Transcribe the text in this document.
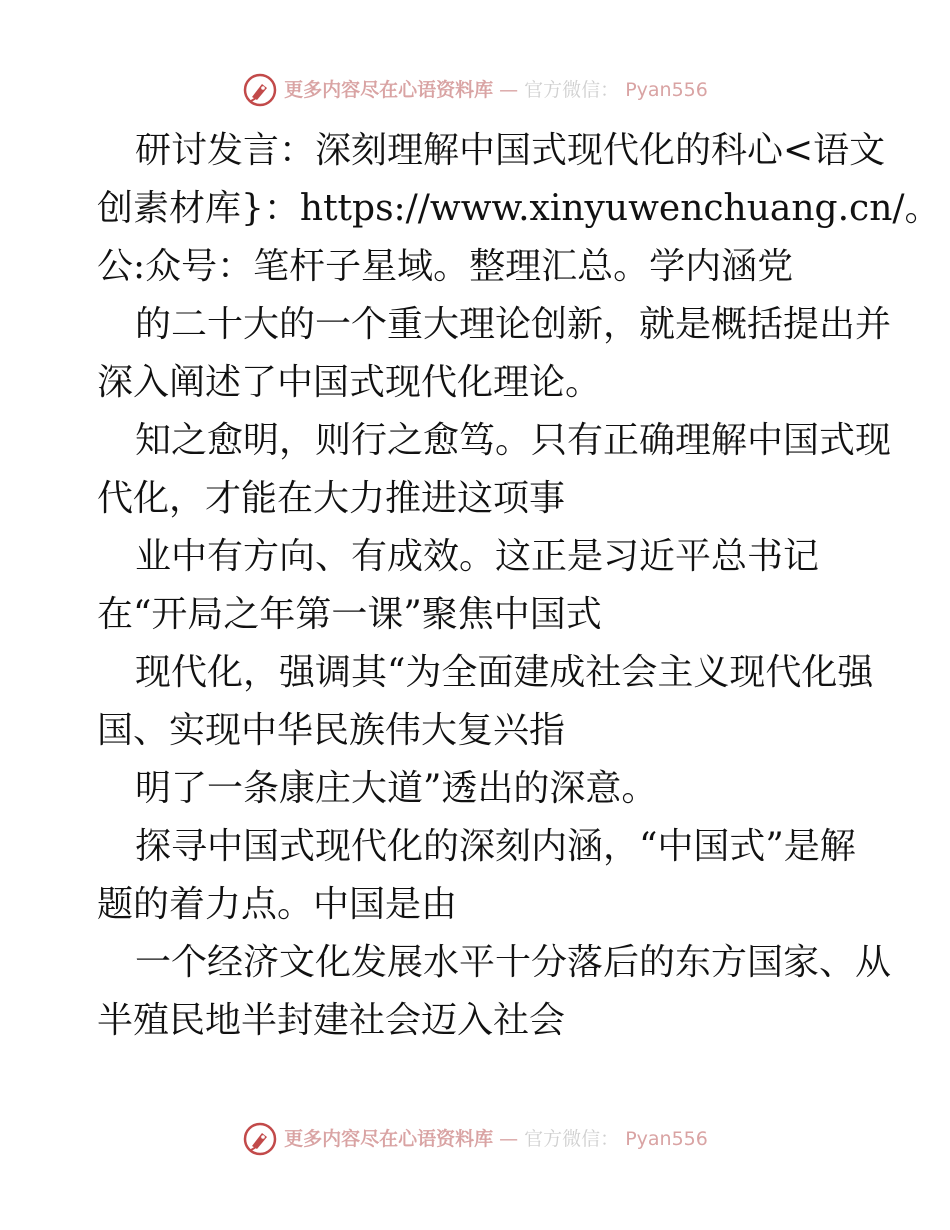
更多内容尽在心语资料库 — 官方微信： Pyan556
研讨发言：深刻理解中国式现代化的科心<语文
创素材库}：https://www.xinyuwenchuang.cn/。
公:众号：笔杆子星域。整理汇总。学内涵党
的二十大的一个重大理论创新，就是概括提出并
深入阐述了中国式现代化理论。
知之愈明，则行之愈笃。只有正确理解中国式现
代化，才能在大力推进这项事
业中有方向、有成效。这正是习近平总书记
在“开局之年第一课”聚焦中国式
现代化，强调其“为全面建成社会主义现代化强
国、实现中华民族伟大复兴指
明了一条康庄大道”透出的深意。
探寻中国式现代化的深刻内涵，“中国式”是解
题的着力点。中国是由
一个经济文化发展水平十分落后的东方国家、从
半殖民地半封建社会迈入社会
更多内容尽在心语资料库 — 官方微信： Pyan556
